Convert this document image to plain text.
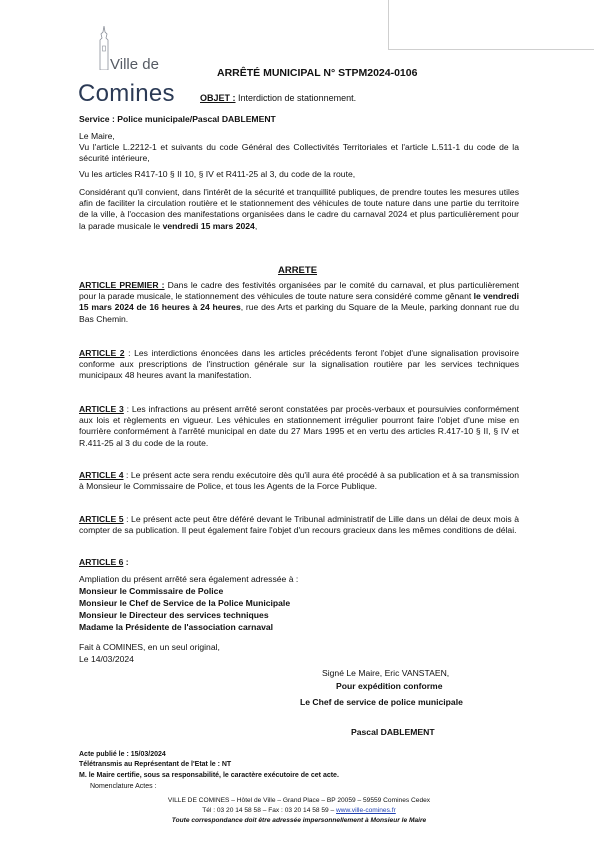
Ville de
Comines
ARRÊTÉ MUNICIPAL N° STPM2024-0106
OBJET : Interdiction de stationnement.
Service : Police municipale/Pascal DABLEMENT
Le Maire,
Vu l'article L.2212-1 et suivants du code Général des Collectivités Territoriales et l'article L.511-1 du code de la sécurité intérieure,
Vu les articles R417-10 § II 10, § IV et R411-25 al 3, du code de la route,
Considérant qu'il convient, dans l'intérêt de la sécurité et tranquillité publiques, de prendre toutes les mesures utiles afin de faciliter la circulation routière et le stationnement des véhicules de toute nature dans une partie du territoire de la ville, à l'occasion des manifestations organisées dans le cadre du carnaval 2024 et plus particulièrement pour la parade musicale le vendredi 15 mars 2024,
ARRETE
ARTICLE PREMIER : Dans le cadre des festivités organisées par le comité du carnaval, et plus particulièrement pour la parade musicale, le stationnement des véhicules de toute nature sera considéré comme gênant le vendredi 15 mars 2024 de 16 heures à 24 heures, rue des Arts et parking du Square de la Meule, parking donnant rue du Bas Chemin.
ARTICLE 2 : Les interdictions énoncées dans les articles précédents feront l'objet d'une signalisation provisoire conforme aux prescriptions de l'instruction générale sur la signalisation routière par les services techniques municipaux 48 heures avant la manifestation.
ARTICLE 3 : Les infractions au présent arrêté seront constatées par procès-verbaux et poursuivies conformément aux lois et règlements en vigueur. Les véhicules en stationnement irrégulier pourront faire l'objet d'une mise en fourrière conformément à l'arrêté municipal en date du 27 Mars 1995 et en vertu des articles R.417-10 § II, § IV et R.411-25 al 3 du code de la route.
ARTICLE 4 : Le présent acte sera rendu exécutoire dès qu'il aura été procédé à sa publication et à sa transmission à Monsieur le Commissaire de Police, et tous les Agents de la Force Publique.
ARTICLE 5 : Le présent acte peut être déféré devant le Tribunal administratif de Lille dans un délai de deux mois à compter de sa publication. Il peut également faire l'objet d'un recours gracieux dans les mêmes conditions de délai.
ARTICLE 6 :
Ampliation du présent arrêté sera également adressée à :
Monsieur le Commissaire de Police
Monsieur le Chef de Service de la Police Municipale
Monsieur le Directeur des services techniques
Madame la Présidente de l'association carnaval
Fait à COMINES, en un seul original,
Le 14/03/2024
Signé Le Maire, Eric VANSTAEN,
Pour expédition conforme
Le Chef de service de police municipale
Pascal DABLEMENT
Acte publié le : 15/03/2024
Télétransmis au Représentant de l'Etat le : NT
M. le Maire certifie, sous sa responsabilité, le caractère exécutoire de cet acte.
Nomenclature Actes :
VILLE DE COMINES – Hôtel de Ville – Grand Place – BP 20059 – 59559 Comines Cedex
Tél : 03 20 14 58 58 – Fax : 03 20 14 58 59 – www.ville-comines.fr
Toute correspondance doit être adressée impersonnellement à Monsieur le Maire
